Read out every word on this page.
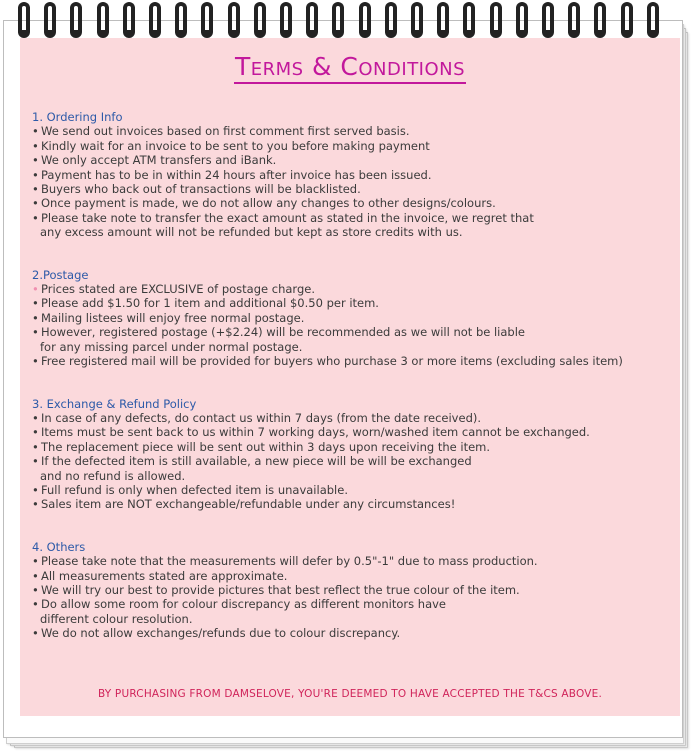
Terms & Conditions
1. Ordering Info
• We send out invoices based on first comment first served basis.
• Kindly wait for an invoice to be sent to you before making payment
• We only accept ATM transfers and iBank.
• Payment has to be in within 24 hours after invoice has been issued.
• Buyers who back out of transactions will be blacklisted.
• Once payment is made, we do not allow any changes to other designs/colours.
• Please take note to transfer the exact amount as stated in the invoice, we regret that
any excess amount will not be refunded but kept as store credits with us.
2.Postage
• Prices stated are EXCLUSIVE of postage charge.
• Please add $1.50 for 1 item and additional $0.50 per item.
• Mailing listees will enjoy free normal postage.
• However, registered postage (+$2.24) will be recommended as we will not be liable
for any missing parcel under normal postage.
• Free registered mail will be provided for buyers who purchase 3 or more items (excluding sales item)
3. Exchange & Refund Policy
• In case of any defects, do contact us within 7 days (from the date received).
• Items must be sent back to us within 7 working days, worn/washed item cannot be exchanged.
• The replacement piece will be sent out within 3 days upon receiving the item.
• If the defected item is still available, a new piece will be will be exchanged
and no refund is allowed.
• Full refund is only when defected item is unavailable.
• Sales item are NOT exchangeable/refundable under any circumstances!
4. Others
• Please take note that the measurements will defer by 0.5"-1" due to mass production.
• All measurements stated are approximate.
• We will try our best to provide pictures that best reflect the true colour of the item.
• Do allow some room for colour discrepancy as different monitors have
different colour resolution.
• We do not allow exchanges/refunds due to colour discrepancy.
BY PURCHASING FROM DAMSELOVE, YOU'RE DEEMED TO HAVE ACCEPTED THE T&CS ABOVE.
